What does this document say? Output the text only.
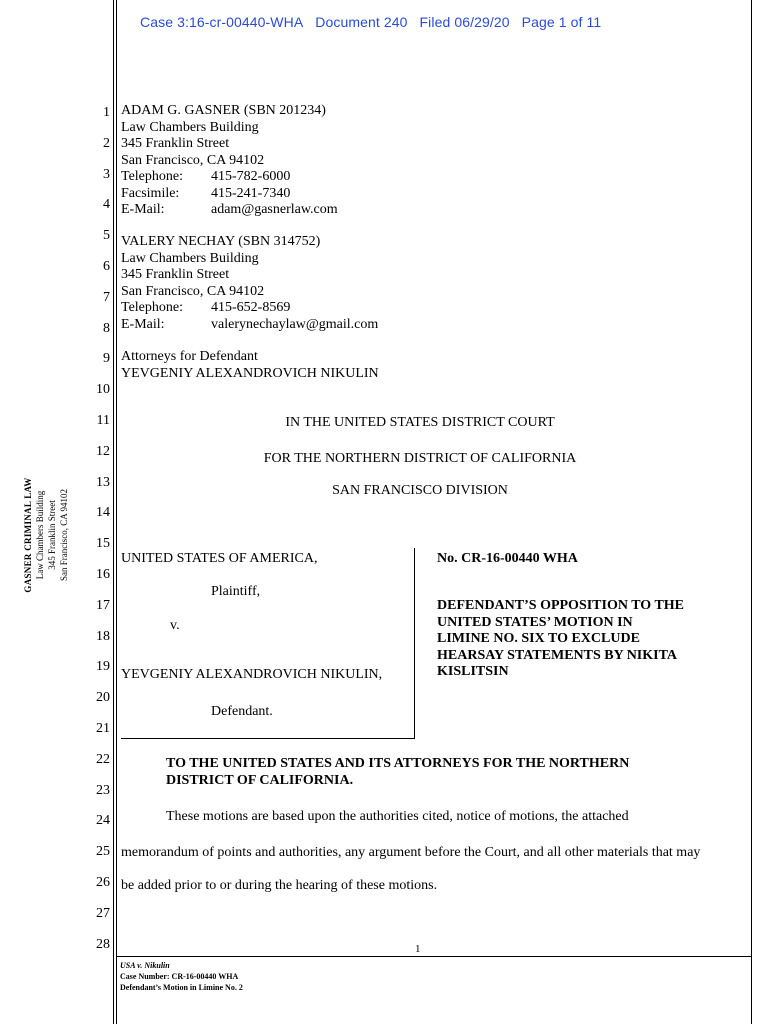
Case 3:16-cr-00440-WHA Document 240 Filed 06/29/20 Page 1 of 11
GASNER CRIMINAL LAW Law Chambers Building 345 Franklin Street San Francisco, CA 94102
1
2
3
4
5
6
7
8
9
10
11
12
13
14
15
16
17
18
19
20
21
22
23
24
25
26
27
28
ADAM G. GASNER (SBN 201234)
Law Chambers Building
345 Franklin Street
San Francisco, CA 94102
Telephone: 415-782-6000
Facsimile: 415-241-7340
E-Mail:	adam@gasnerlaw.com
VALERY NECHAY (SBN 314752)
Law Chambers Building
345 Franklin Street
San Francisco, CA 94102
Telephone: 415-652-8569
E-Mail:	valerynechaylaw@gmail.com
Attorneys for Defendant
YEVGENIY ALEXANDROVICH NIKULIN
IN THE UNITED STATES DISTRICT COURT
FOR THE NORTHERN DISTRICT OF CALIFORNIA
SAN FRANCISCO DIVISION
UNITED STATES OF AMERICA,
Plaintiff,
v.
YEVGENIY ALEXANDROVICH NIKULIN,
Defendant.
No. CR-16-00440 WHA
DEFENDANT’S OPPOSITION TO THE
UNITED STATES’ MOTION IN
LIMINE NO. SIX TO EXCLUDE
HEARSAY STATEMENTS BY NIKITA
KISLITSIN
TO THE UNITED STATES AND ITS ATTORNEYS FOR THE NORTHERN
DISTRICT OF CALIFORNIA.
These motions are based upon the authorities cited, notice of motions, the attached
memorandum of points and authorities, any argument before the Court, and all other materials that may
be added prior to or during the hearing of these motions.
1
USA v. Nikulin
Case Number: CR-16-00440 WHA
Defendant’s Motion in Limine No. 2
